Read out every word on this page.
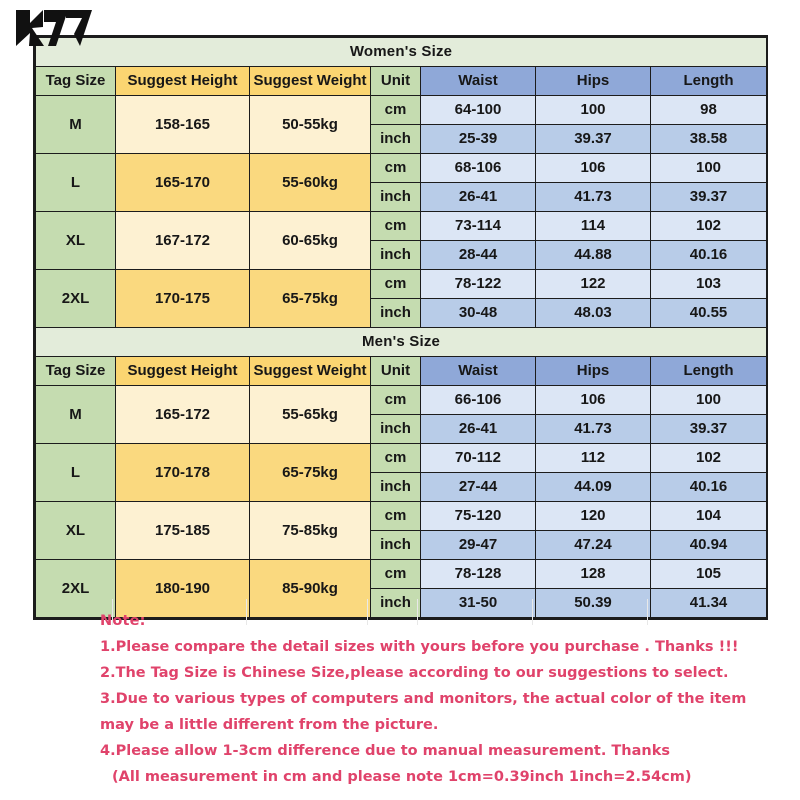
Women's Size						
Tag Size	Suggest Height	Suggest Weight	Unit	Waist	Hips	Length
M	158-165	50-55kg	cm	64-100	100	98
			inch	25-39	39.37	38.58
L	165-170	55-60kg	cm	68-106	106	100
			inch	26-41	41.73	39.37
XL	167-172	60-65kg	cm	73-114	114	102
			inch	28-44	44.88	40.16
2XL	170-175	65-75kg	cm	78-122	122	103
			inch	30-48	48.03	40.55
Men's Size						
Tag Size	Suggest Height	Suggest Weight	Unit	Waist	Hips	Length
M	165-172	55-65kg	cm	66-106	106	100
			inch	26-41	41.73	39.37
L	170-178	65-75kg	cm	70-112	112	102
			inch	27-44	44.09	40.16
XL	175-185	75-85kg	cm	75-120	120	104
			inch	29-47	47.24	40.94
2XL	180-190	85-90kg	cm	78-128	128	105
			inch	31-50	50.39	41.34
Note:
1.Please compare the detail sizes with yours before you purchase . Thanks !!!
2.The Tag Size is Chinese Size,please according to our suggestions to select.
3.Due to various types of computers and monitors, the actual color of the item
may be a little different from the picture.
4.Please allow 1-3cm difference due to manual measurement. Thanks
(All measurement in cm and please note 1cm=0.39inch 1inch=2.54cm)
